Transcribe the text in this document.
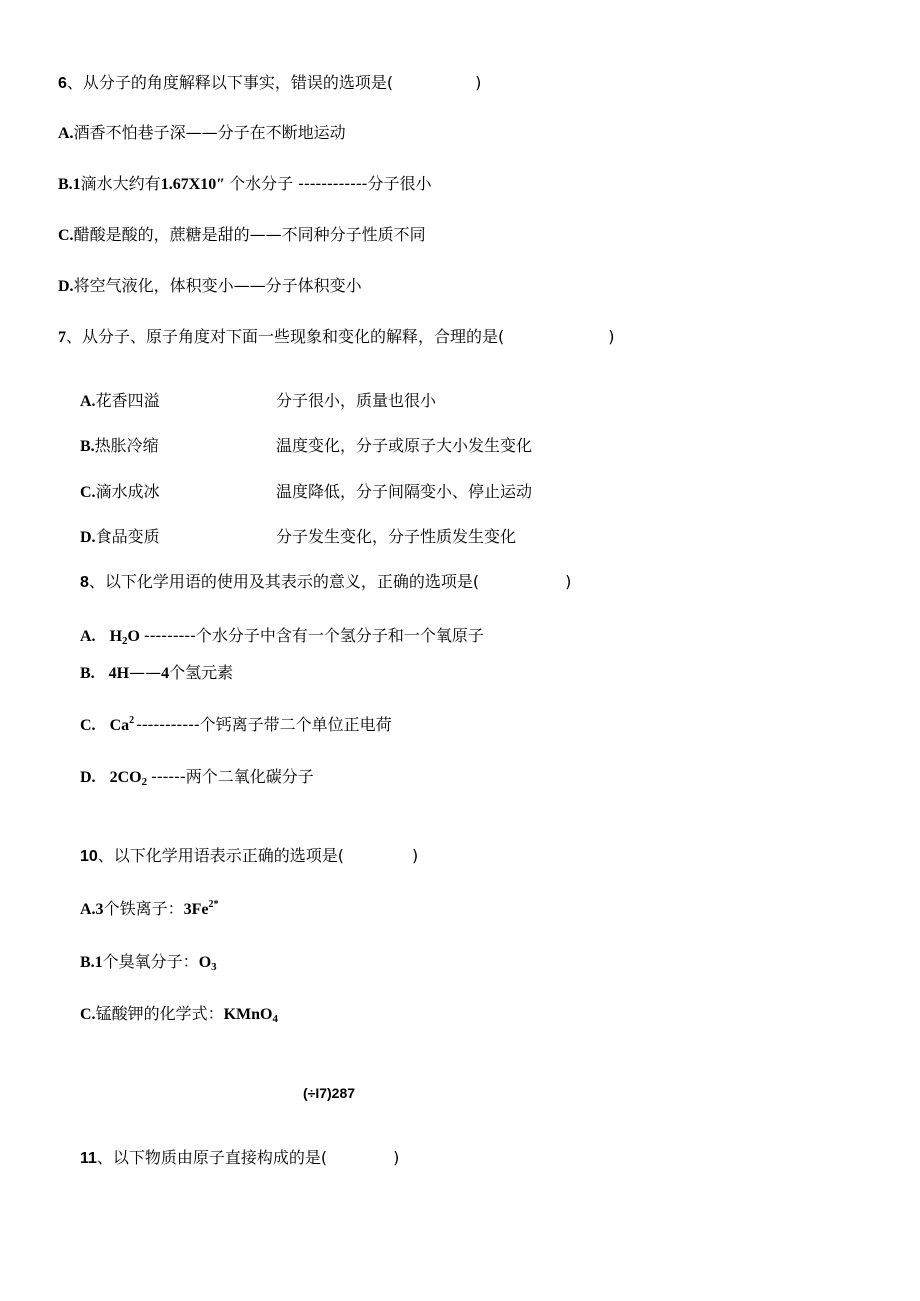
6、从分子的角度解释以下事实，错误的选项是(	)
A.酒香不怕巷子深——分子在不断地运动
B.1滴水大约有1.67X10″ 个水分子 ------------分子很小
C.醋酸是酸的，蔗糖是甜的——不同种分子性质不同
D.将空气液化，体积变小——分子体积变小
7、从分子、原子角度对下面一些现象和变化的解释，合理的是(	)
A.花香四溢	分子很小，质量也很小
B.热胀冷缩	温度变化，分子或原子大小发生变化
C.滴水成冰	温度降低，分子间隔变小、停止运动
D.食品变质	分子发生变化，分子性质发生变化
8、以下化学用语的使用及其表示的意义，正确的选项是(	)
A. $H_2O$ ---------个水分子中含有一个氢分子和一个氧原子
B. 4H——4个氢元素
C. Ca$^2$ -----------个钙离子带二个单位正电荷
D. $2CO_2$ ------两个二氧化碳分子
10、以下化学用语表示正确的选项是(	)
A.3个铁离子：$3Fe^{2*}$
B.1个臭氧分子：$O_3$
C.锰酸钾的化学式：KMnO$_4$
(÷I7)287
11、以下物质由原子直接构成的是(	)
